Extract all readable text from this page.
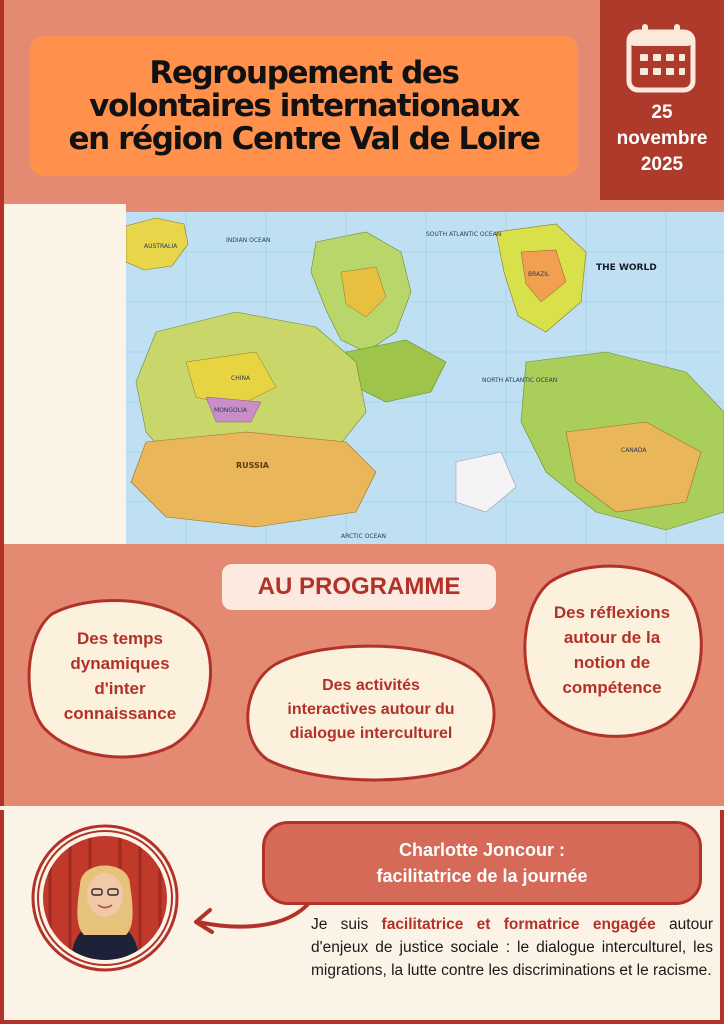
Regroupement des
volontaires internationaux
en région Centre Val de Loire
25
novembre
2025
AUSTRALIA
INDIAN OCEAN
SOUTH ATLANTIC OCEAN
BRAZIL
CHINA
MONGOLIA
NORTH ATLANTIC OCEAN
CANADA
THE WORLD
RUSSIA
ARCTIC OCEAN
AU PROGRAMME
Des temps
dynamiques
d'inter
connaissance
Des activités
interactives autour du
dialogue interculturel
Des réflexions
autour de la
notion de
compétence
Charlotte Joncour :
facilitatrice de la journée

Je suis facilitatrice et formatrice engagée autour d'enjeux de justice sociale : le dialogue interculturel, les migrations, la lutte contre les discriminations et le racisme.
